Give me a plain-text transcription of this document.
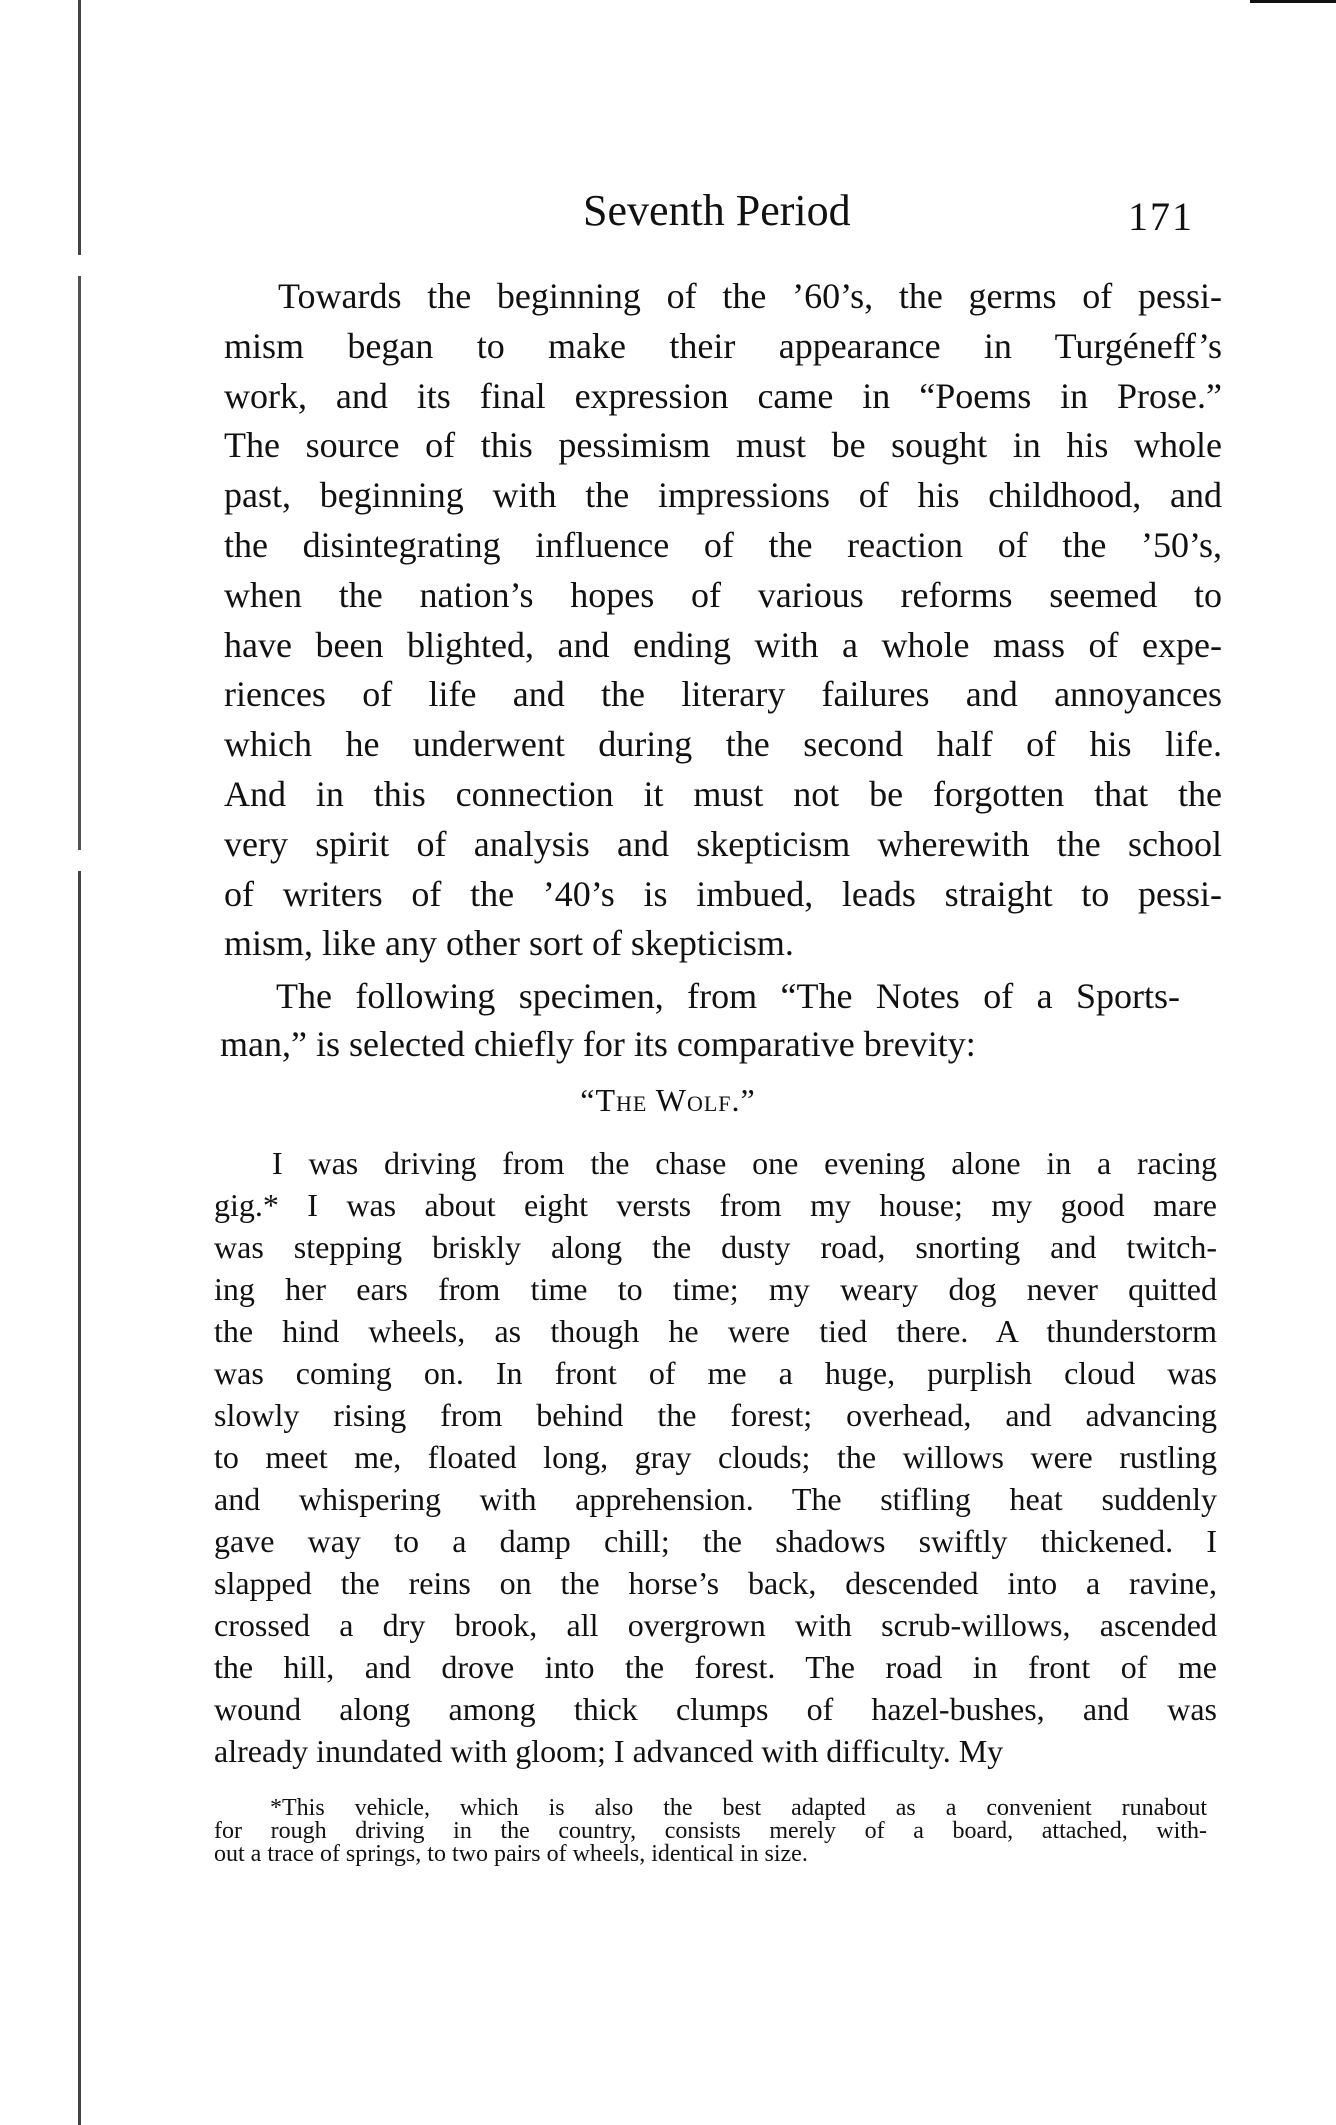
Seventh Period	171
Towards the beginning of the ’60’s, the germs of pessi-
mism began to make their appearance in Turgéneff’s
work, and its final expression came in “Poems in Prose.”
The source of this pessimism must be sought in his whole
past, beginning with the impressions of his childhood, and
the disintegrating influence of the reaction of the ’50’s,
when the nation’s hopes of various reforms seemed to
have been blighted, and ending with a whole mass of expe-
riences of life and the literary failures and annoyances
which he underwent during the second half of his life.
And in this connection it must not be forgotten that the
very spirit of analysis and skepticism wherewith the school
of writers of the ’40’s is imbued, leads straight to pessi-
mism, like any other sort of skepticism.
The following specimen, from “The Notes of a Sports-
man,” is selected chiefly for its comparative brevity:
“The Wolf.”
I was driving from the chase one evening alone in a racing
gig.* I was about eight versts from my house; my good mare
was stepping briskly along the dusty road, snorting and twitch-
ing her ears from time to time; my weary dog never quitted
the hind wheels, as though he were tied there. A thunderstorm
was coming on. In front of me a huge, purplish cloud was
slowly rising from behind the forest; overhead, and advancing
to meet me, floated long, gray clouds; the willows were rustling
and whispering with apprehension. The stifling heat suddenly
gave way to a damp chill; the shadows swiftly thickened. I
slapped the reins on the horse’s back, descended into a ravine,
crossed a dry brook, all overgrown with scrub-willows, ascended
the hill, and drove into the forest. The road in front of me
wound along among thick clumps of hazel-bushes, and was
already inundated with gloom; I advanced with difficulty. My
*This vehicle, which is also the best adapted as a convenient runabout
for rough driving in the country, consists merely of a board, attached, with-
out a trace of springs, to two pairs of wheels, identical in size.
